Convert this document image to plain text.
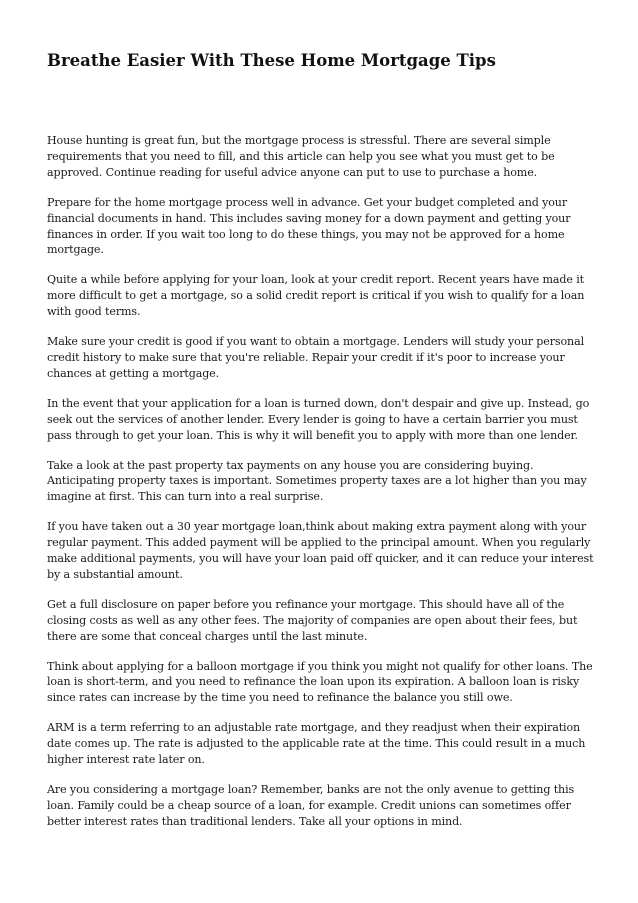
Breathe Easier With These Home Mortgage Tips

House hunting is great fun, but the mortgage process is stressful. There are several simple requirements that you need to fill, and this article can help you see what you must get to be approved. Continue reading for useful advice anyone can put to use to purchase a home.

Prepare for the home mortgage process well in advance. Get your budget completed and your financial documents in hand. This includes saving money for a down payment and getting your finances in order. If you wait too long to do these things, you may not be approved for a home mortgage.

Quite a while before applying for your loan, look at your credit report. Recent years have made it more difficult to get a mortgage, so a solid credit report is critical if you wish to qualify for a loan with good terms.

Make sure your credit is good if you want to obtain a mortgage. Lenders will study your personal credit history to make sure that you're reliable. Repair your credit if it's poor to increase your chances at getting a mortgage.

In the event that your application for a loan is turned down, don't despair and give up. Instead, go seek out the services of another lender. Every lender is going to have a certain barrier you must pass through to get your loan. This is why it will benefit you to apply with more than one lender.

Take a look at the past property tax payments on any house you are considering buying. Anticipating property taxes is important. Sometimes property taxes are a lot higher than you may imagine at first. This can turn into a real surprise.

If you have taken out a 30 year mortgage loan,think about making extra payment along with your regular payment. This added payment will be applied to the principal amount. When you regularly make additional payments, you will have your loan paid off quicker, and it can reduce your interest by a substantial amount.

Get a full disclosure on paper before you refinance your mortgage. This should have all of the closing costs as well as any other fees. The majority of companies are open about their fees, but there are some that conceal charges until the last minute.

Think about applying for a balloon mortgage if you think you might not qualify for other loans. The loan is short-term, and you need to refinance the loan upon its expiration. A balloon loan is risky since rates can increase by the time you need to refinance the balance you still owe.

ARM is a term referring to an adjustable rate mortgage, and they readjust when their expiration date comes up. The rate is adjusted to the applicable rate at the time. This could result in a much higher interest rate later on.

Are you considering a mortgage loan? Remember, banks are not the only avenue to getting this loan. Family could be a cheap source of a loan, for example. Credit unions can sometimes offer better interest rates than traditional lenders. Take all your options in mind.
